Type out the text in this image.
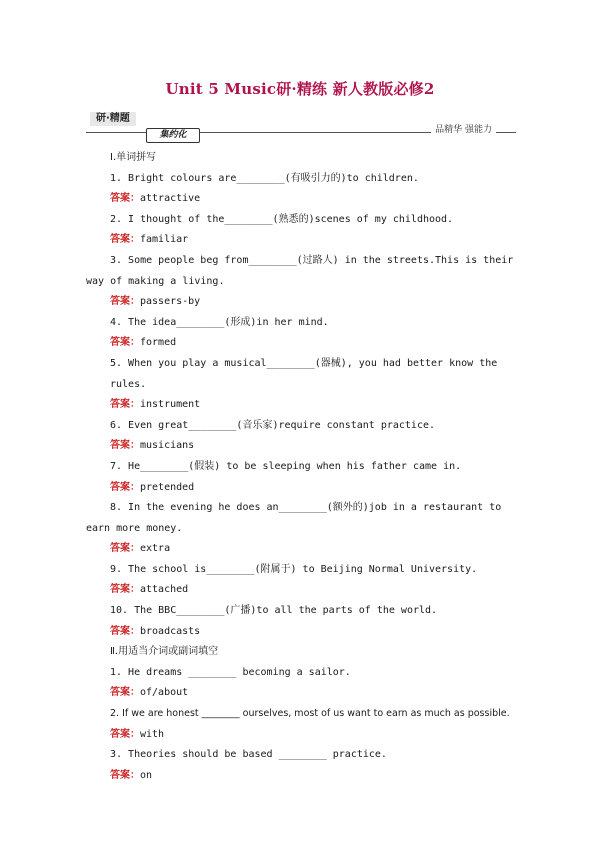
Unit 5 Music研·精练 新人教版必修2
研·精题
集约化	品精华 强能力
Ⅰ.单词拼写
1. Bright colours are________(有吸引力的)to children.
答案：attractive
2. I thought of the________(熟悉的)scenes of my childhood.
答案：familiar
3. Some people beg from________(过路人) in the streets.This is their way of making a living.
答案：passers-by
4. The idea________(形成)in her mind.
答案：formed
5. When you play a musical________(器械), you had better know the rules.
答案：instrument
6. Even great________(音乐家)require constant practice.
答案：musicians
7. He________(假装) to be sleeping when his father came in.
答案：pretended
8. In the evening he does an________(额外的)job in a restaurant to earn more money.
答案：extra
9. The school is________(附属于) to Beijing Normal University.
答案：attached
10. The BBC________(广播)to all the parts of the world.
答案：broadcasts
Ⅱ.用适当介词或副词填空
1. He dreams ________ becoming a sailor.
答案：of/about
2. If we are honest ________ ourselves, most of us want to earn as much as possible.
答案：with
3. Theories should be based ________ practice.
答案：on
